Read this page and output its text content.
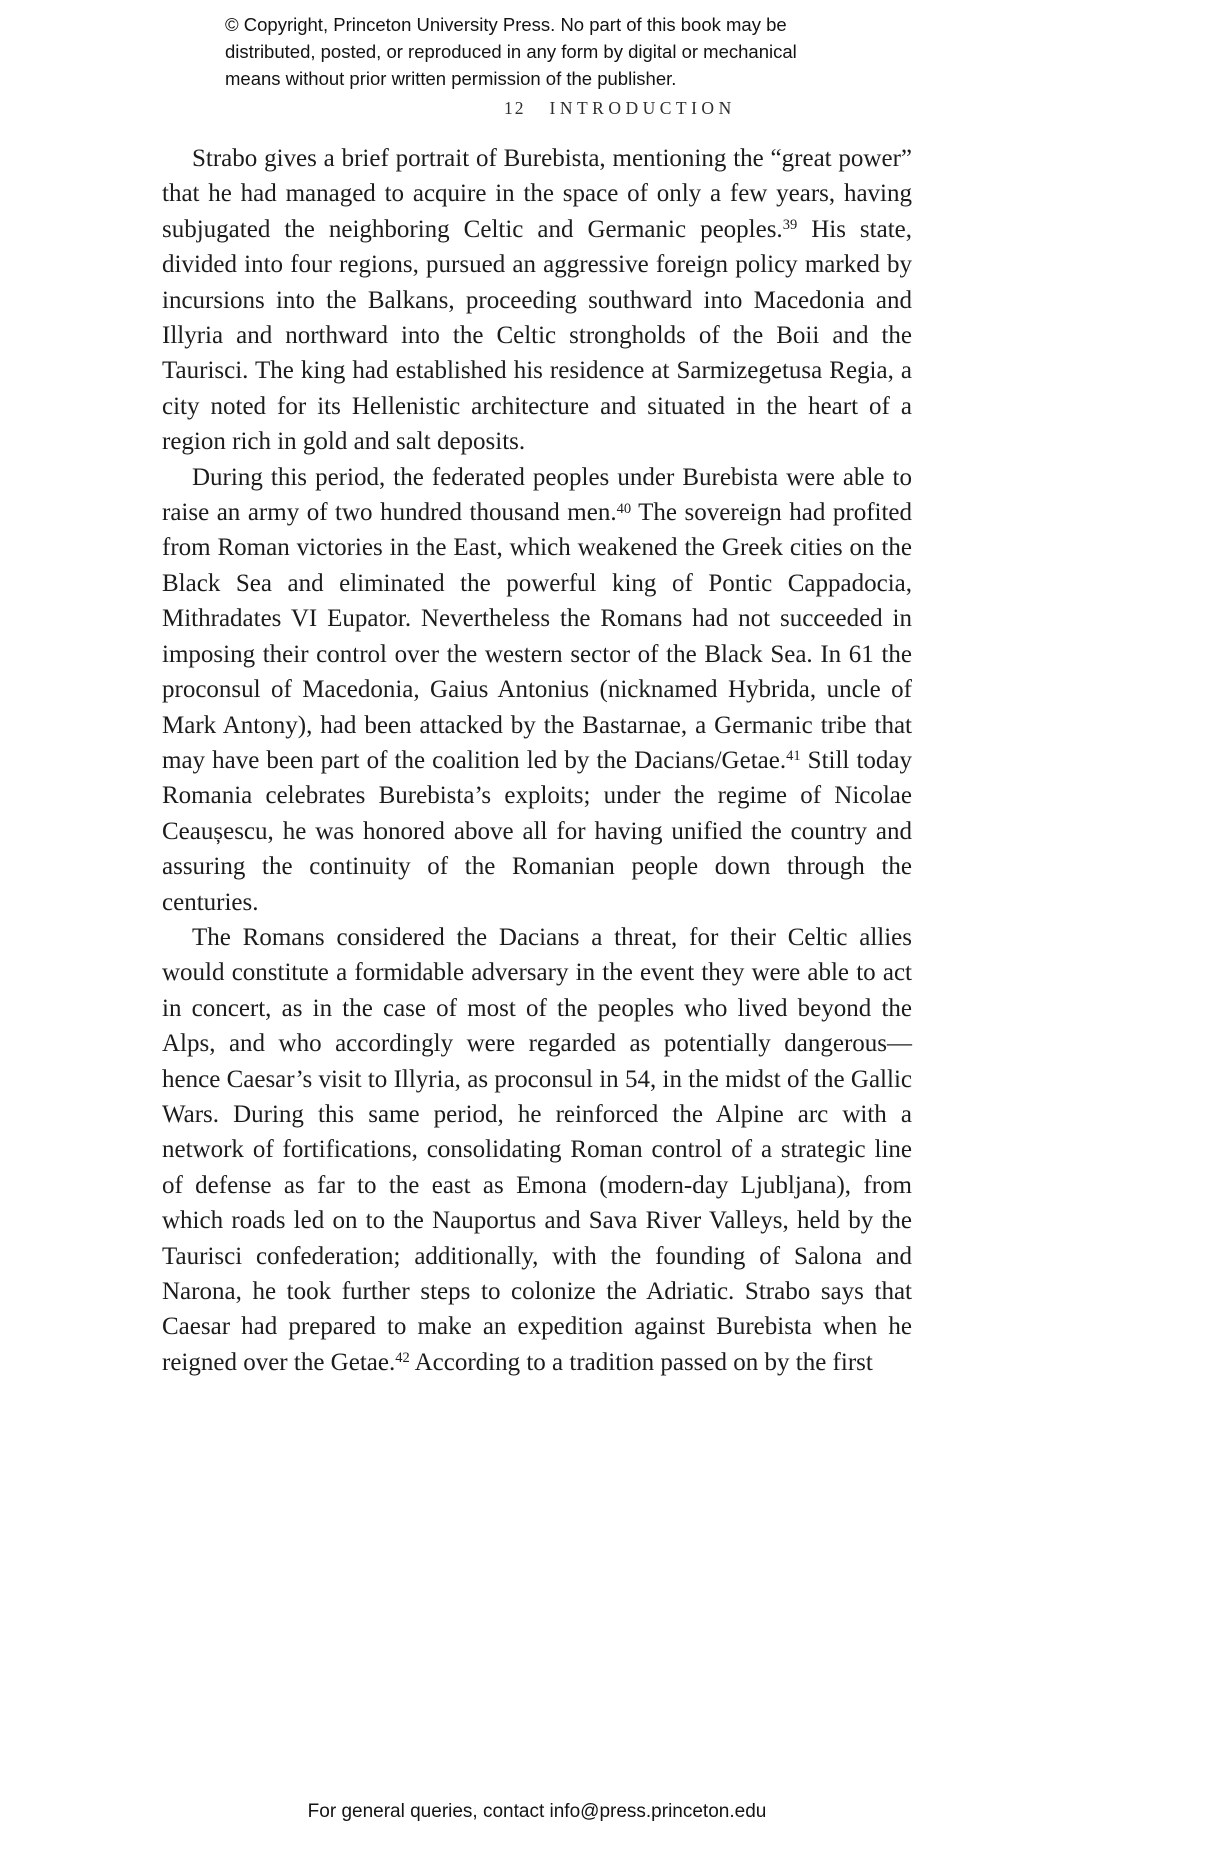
© Copyright, Princeton University Press. No part of this book may be
distributed, posted, or reproduced in any form by digital or mechanical
means without prior written permission of the publisher.
12 INTRODUCTION

Strabo gives a brief portrait of Burebista, mentioning the “great power” that he had managed to acquire in the space of only a few years, having subjugated the neighboring Celtic and Germanic peoples.$^{39}$ His state, divided into four regions, pursued an aggressive foreign policy marked by incursions into the Balkans, proceeding southward into Macedonia and Illyria and northward into the Celtic strongholds of the Boii and the Taurisci. The king had established his residence at Sarmizegetusa Regia, a city noted for its Hellenistic architecture and situated in the heart of a region rich in gold and salt deposits.

During this period, the federated peoples under Burebista were able to raise an army of two hundred thousand men.$^{40}$ The sovereign had profited from Roman victories in the East, which weakened the Greek cities on the Black Sea and eliminated the powerful king of Pontic Cappadocia, Mithradates VI Eupator. Nevertheless the Romans had not succeeded in imposing their control over the western sector of the Black Sea. In 61 the proconsul of Macedonia, Gaius Antonius (nicknamed Hybrida, uncle of Mark Antony), had been attacked by the Bastarnae, a Germanic tribe that may have been part of the coalition led by the Dacians/Getae.$^{41}$ Still today Romania celebrates Burebista’s exploits; under the regime of Nicolae Ceaușescu, he was honored above all for having unified the country and assuring the continuity of the Romanian people down through the centuries.

The Romans considered the Dacians a threat, for their Celtic allies would constitute a formidable adversary in the event they were able to act in concert, as in the case of most of the peoples who lived beyond the Alps, and who accordingly were regarded as potentially dangerous—hence Caesar’s visit to Illyria, as proconsul in 54, in the midst of the Gallic Wars. During this same period, he reinforced the Alpine arc with a network of fortifications, consolidating Roman control of a strategic line of defense as far to the east as Emona (modern-day Ljubljana), from which roads led on to the Nauportus and Sava River Valleys, held by the Taurisci confederation; additionally, with the founding of Salona and Narona, he took further steps to colonize the Adriatic. Strabo says that Caesar had prepared to make an expedition against Burebista when he reigned over the Getae.$^{42}$ According to a tradition passed on by the first

For general queries, contact info@press.princeton.edu
